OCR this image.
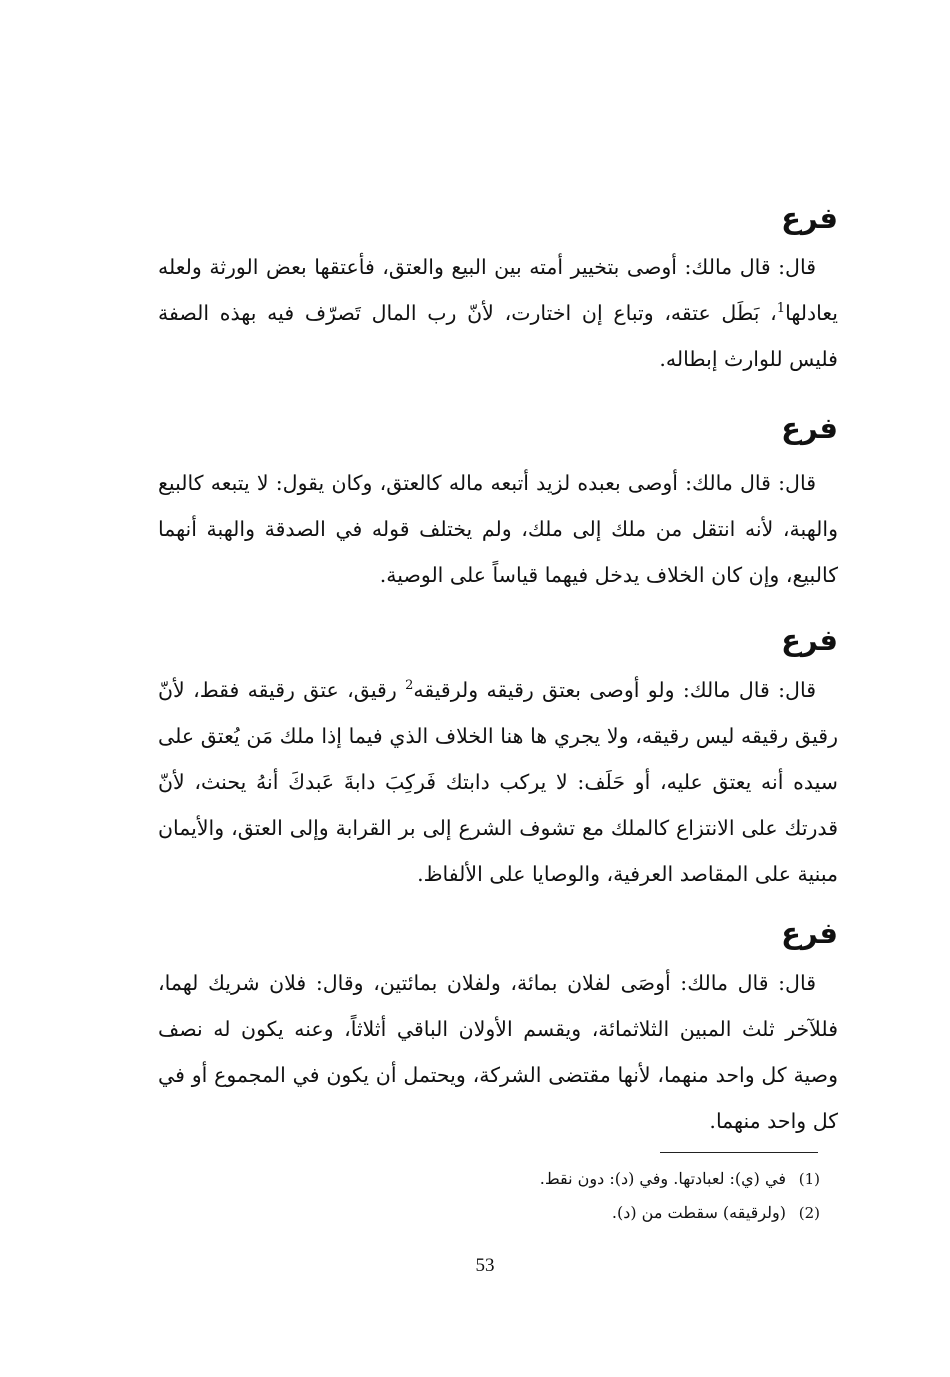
فرع

قال: قال مالك: أوصى بتخيير أمته بين البيع والعتق، فأعتقها بعض الورثة ولعله يعادلها$^1$، بَطَل عتقه، وتباع إن اختارت، لأنّ رب المال تَصرّف فيه بهذه الصفة فليس للوارث إبطاله.

فرع

قال: قال مالك: أوصى بعبده لزيد أتبعه ماله كالعتق، وكان يقول: لا يتبعه كالبيع والهبة، لأنه انتقل من ملك إلى ملك، ولم يختلف قوله في الصدقة والهبة أنهما كالبيع، وإن كان الخلاف يدخل فيهما قياساً على الوصية.

فرع

قال: قال مالك: ولو أوصى بعتق رقيقه ولرقيقه$^2$ رقيق، عتق رقيقه فقط، لأنّ رقيق رقيقه ليس رقيقه، ولا يجري ها هنا الخلاف الذي فيما إذا ملك مَن يُعتق على سيده أنه يعتق عليه، أو حَلَف: لا يركب دابتك فَركِبَ دابةَ عَبدكَ أنهُ يحنث، لأنّ قدرتك على الانتزاع كالملك مع تشوف الشرع إلى بر القرابة وإلى العتق، والأيمان مبنية على المقاصد العرفية، والوصايا على الألفاظ.

فرع

قال: قال مالك: أوصَى لفلان بمائة، ولفلان بمائتين، وقال: فلان شريك لهما، فللآخر ثلث المبين الثلاثمائة، ويقسم الأولان الباقي أثلاثاً، وعنه يكون له نصف وصية كل واحد منهما، لأنها مقتضى الشركة، ويحتمل أن يكون في المجموع أو في كل واحد منهما.

(1)في (ي): لعبادتها. وفي (د): دون نقط.
(2)(ولرقيقه) سقطت من (د).
53
